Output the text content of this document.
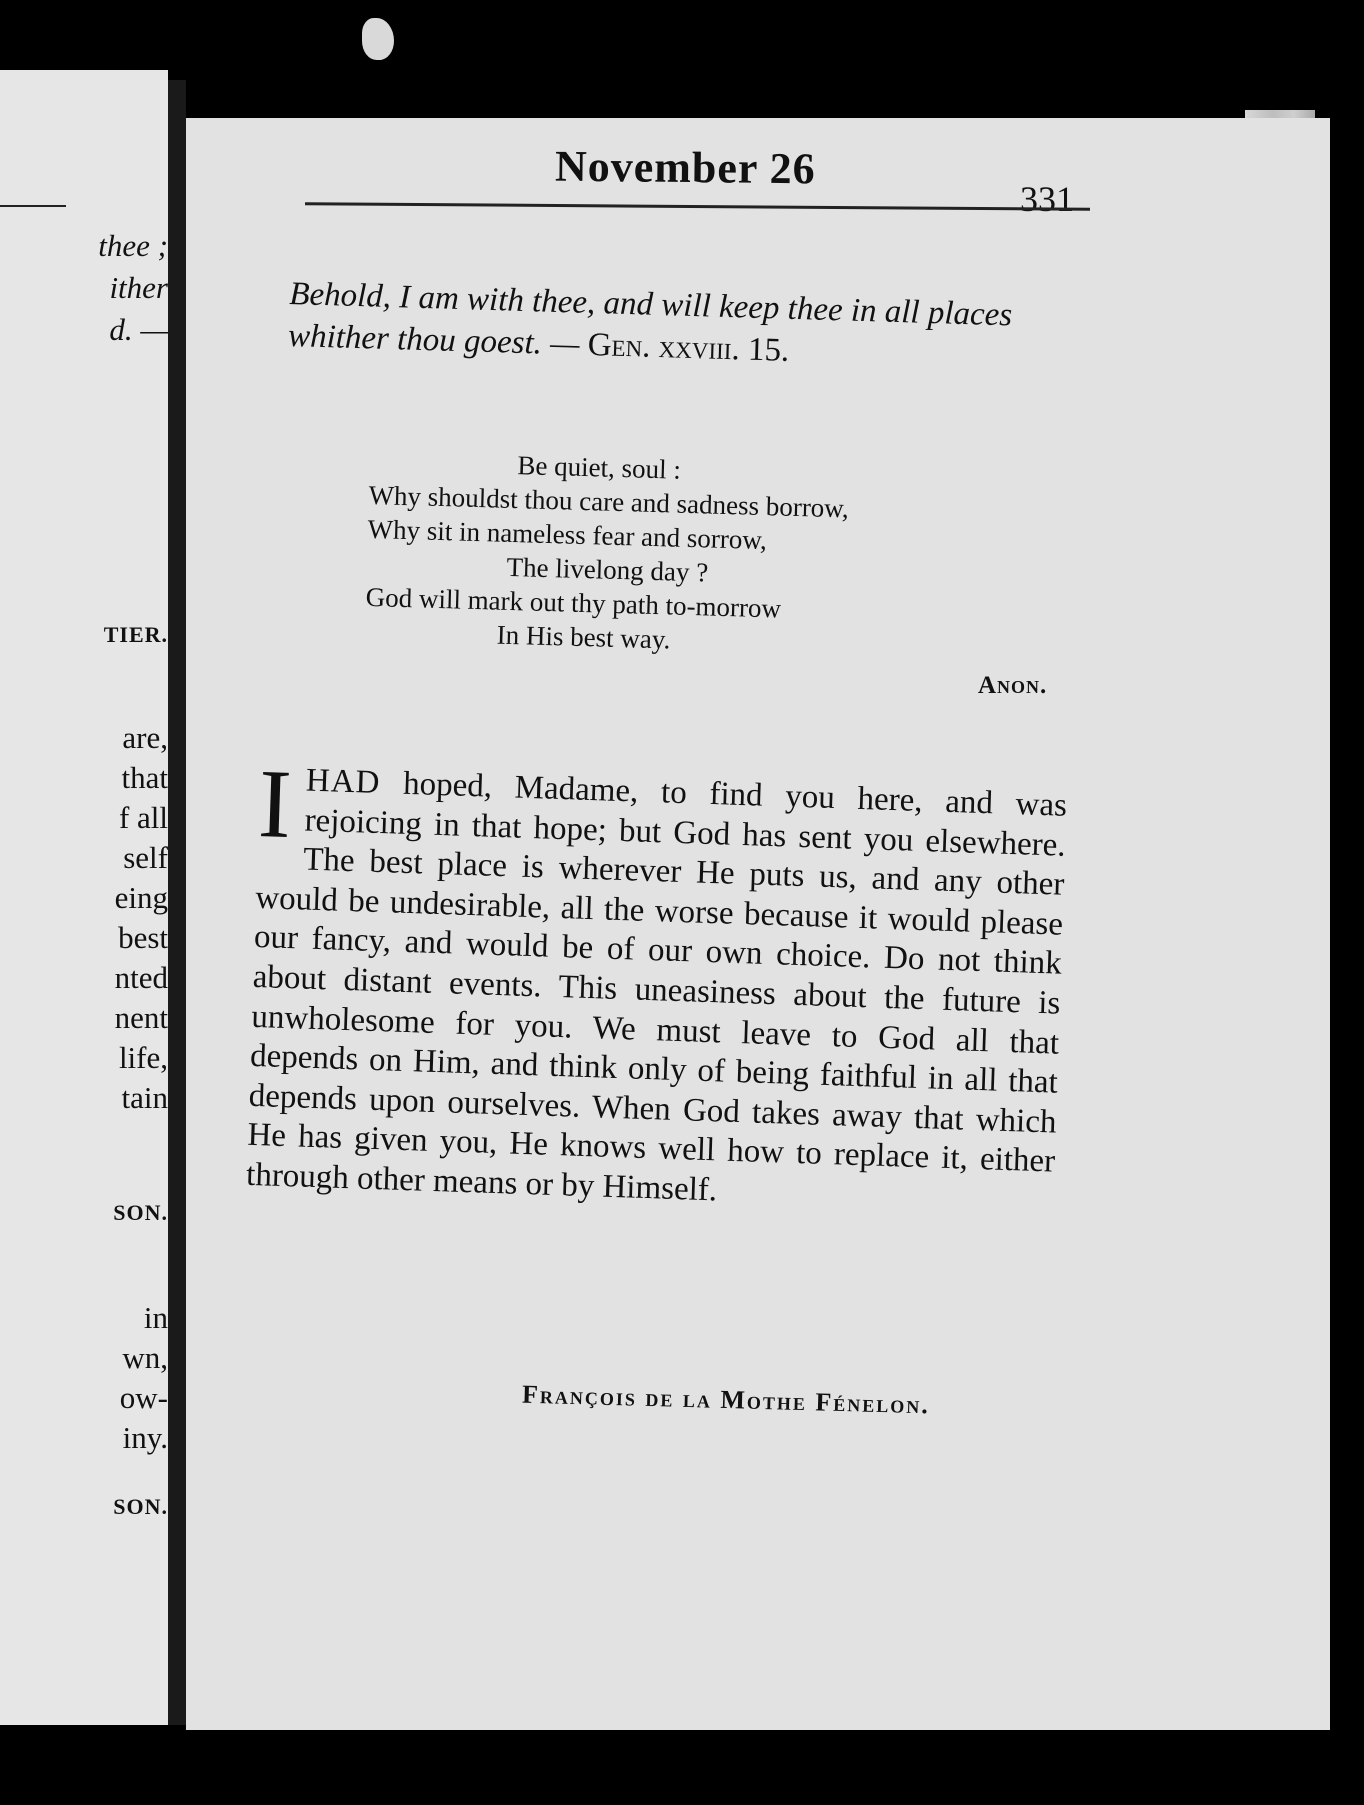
thee ;
ither
d. —
TIER.
are,
that
f all
self
eing
best
nted
nent
life,
tain
SON.
in
wn,
ow-
iny.
SON.
November 26
331
Behold, I am with thee, and will keep thee in all places whither thou goest. — Gen. xxviii. 15.
Be quiet, soul :
Why shouldst thou care and sadness borrow,
Why sit in nameless fear and sorrow,
The livelong day ?
God will mark out thy path to-morrow
In His best way.
Anon.
IHAD hoped, Madame, to find you here, and was rejoicing in that hope; but God has sent you elsewhere. The best place is wherever He puts us, and any other would be undesirable, all the worse because it would please our fancy, and would be of our own choice. Do not think about distant events. This uneasiness about the future is unwholesome for you. We must leave to God all that depends on Him, and think only of being faithful in all that depends upon ourselves. When God takes away that which He has given you, He knows well how to replace it, either through other means or by Himself.
François de la Mothe Fénelon.
